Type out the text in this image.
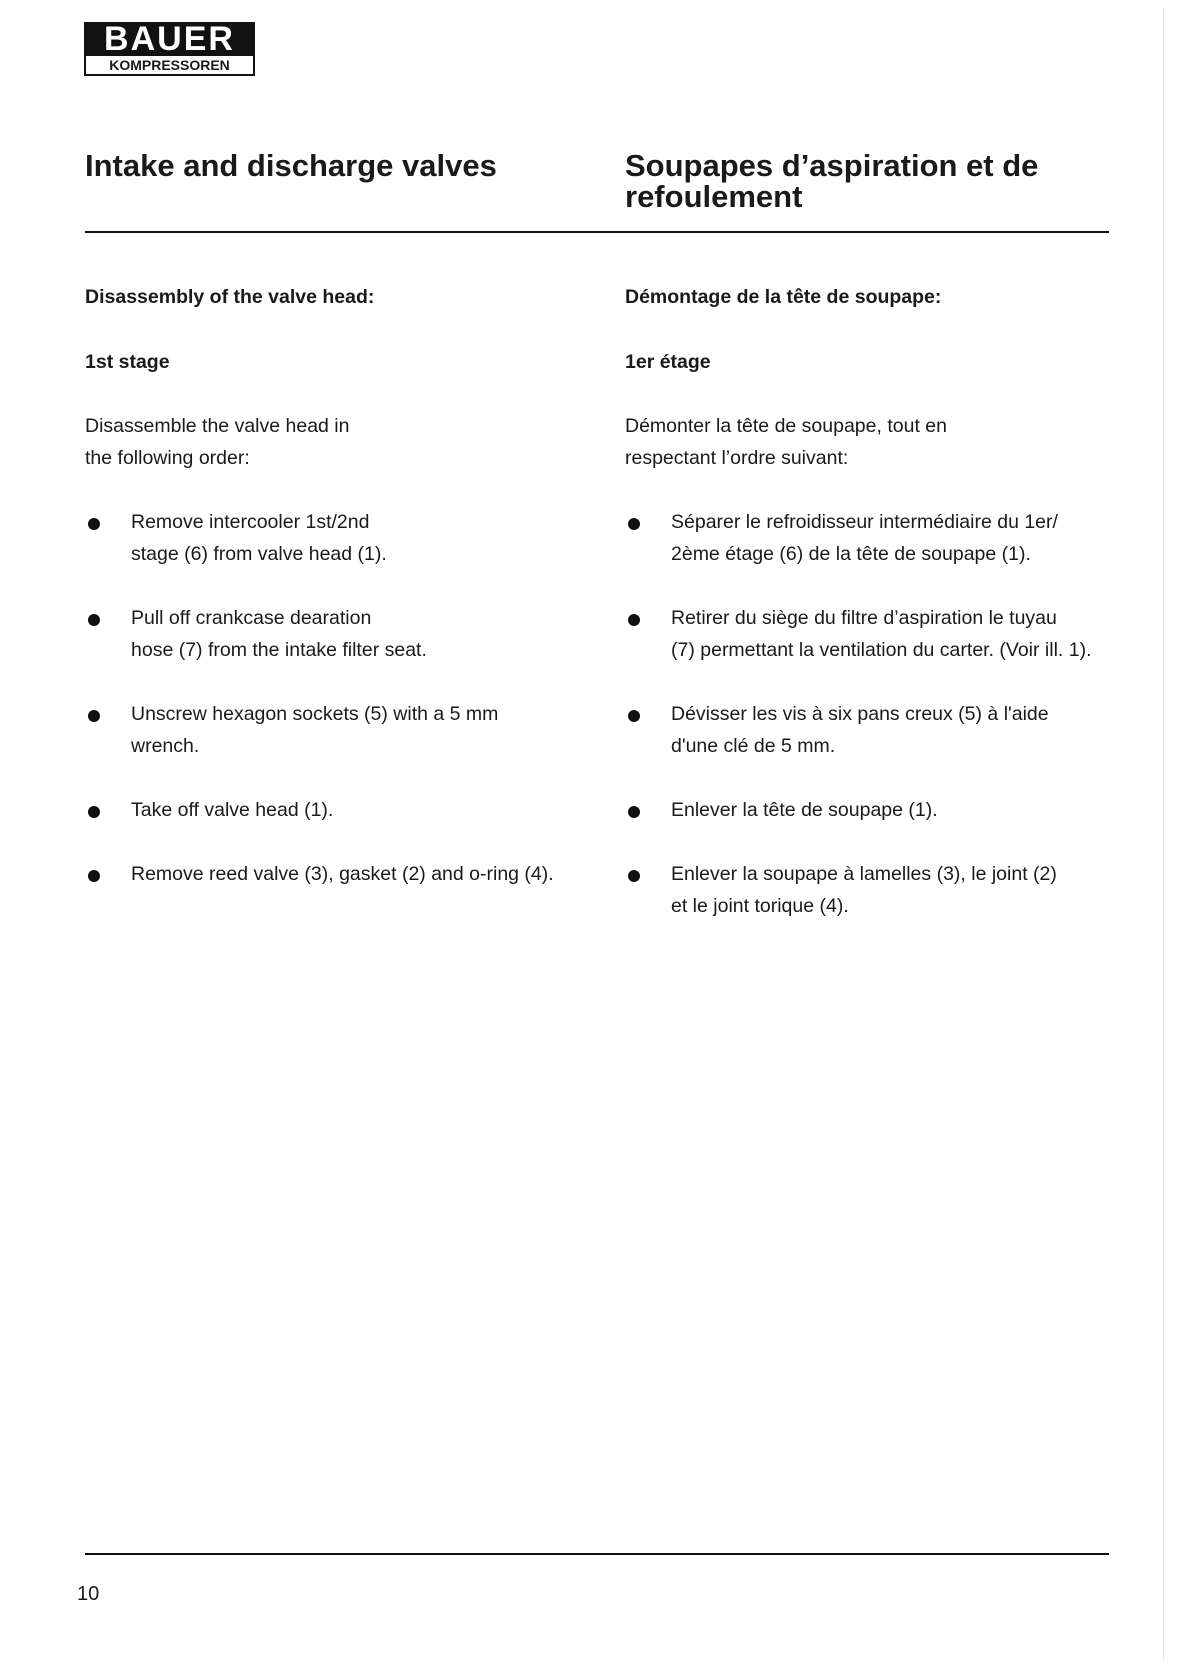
BAUER
KOMPRESSOREN
Intake and discharge valves	Soupapes d’aspiration et de
refoulement

Disassembly of the valve head:

1st stage

Disassemble the valve head in
the following order:

Remove intercooler 1st/2nd
stage (6) from valve head (1).

Pull off crankcase dearation
hose (7) from the intake filter seat.

Unscrew hexagon sockets (5) with a 5 mm
wrench.

Take off valve head (1).

Remove reed valve (3), gasket (2) and o-ring (4).

Démontage de la tête de soupape:

1er étage

Démonter la tête de soupape, tout en
respectant l’ordre suivant:

Séparer le refroidisseur intermédiaire du 1er/
2ème étage (6) de la tête de soupape (1).

Retirer du siège du filtre d’aspiration le tuyau
(7) permettant la ventilation du carter. (Voir ill. 1).

Dévisser les vis à six pans creux (5) à l'aide
d'une clé de 5 mm.

Enlever la tête de soupape (1).

Enlever la soupape à lamelles (3), le joint (2)
et le joint torique (4).

10
